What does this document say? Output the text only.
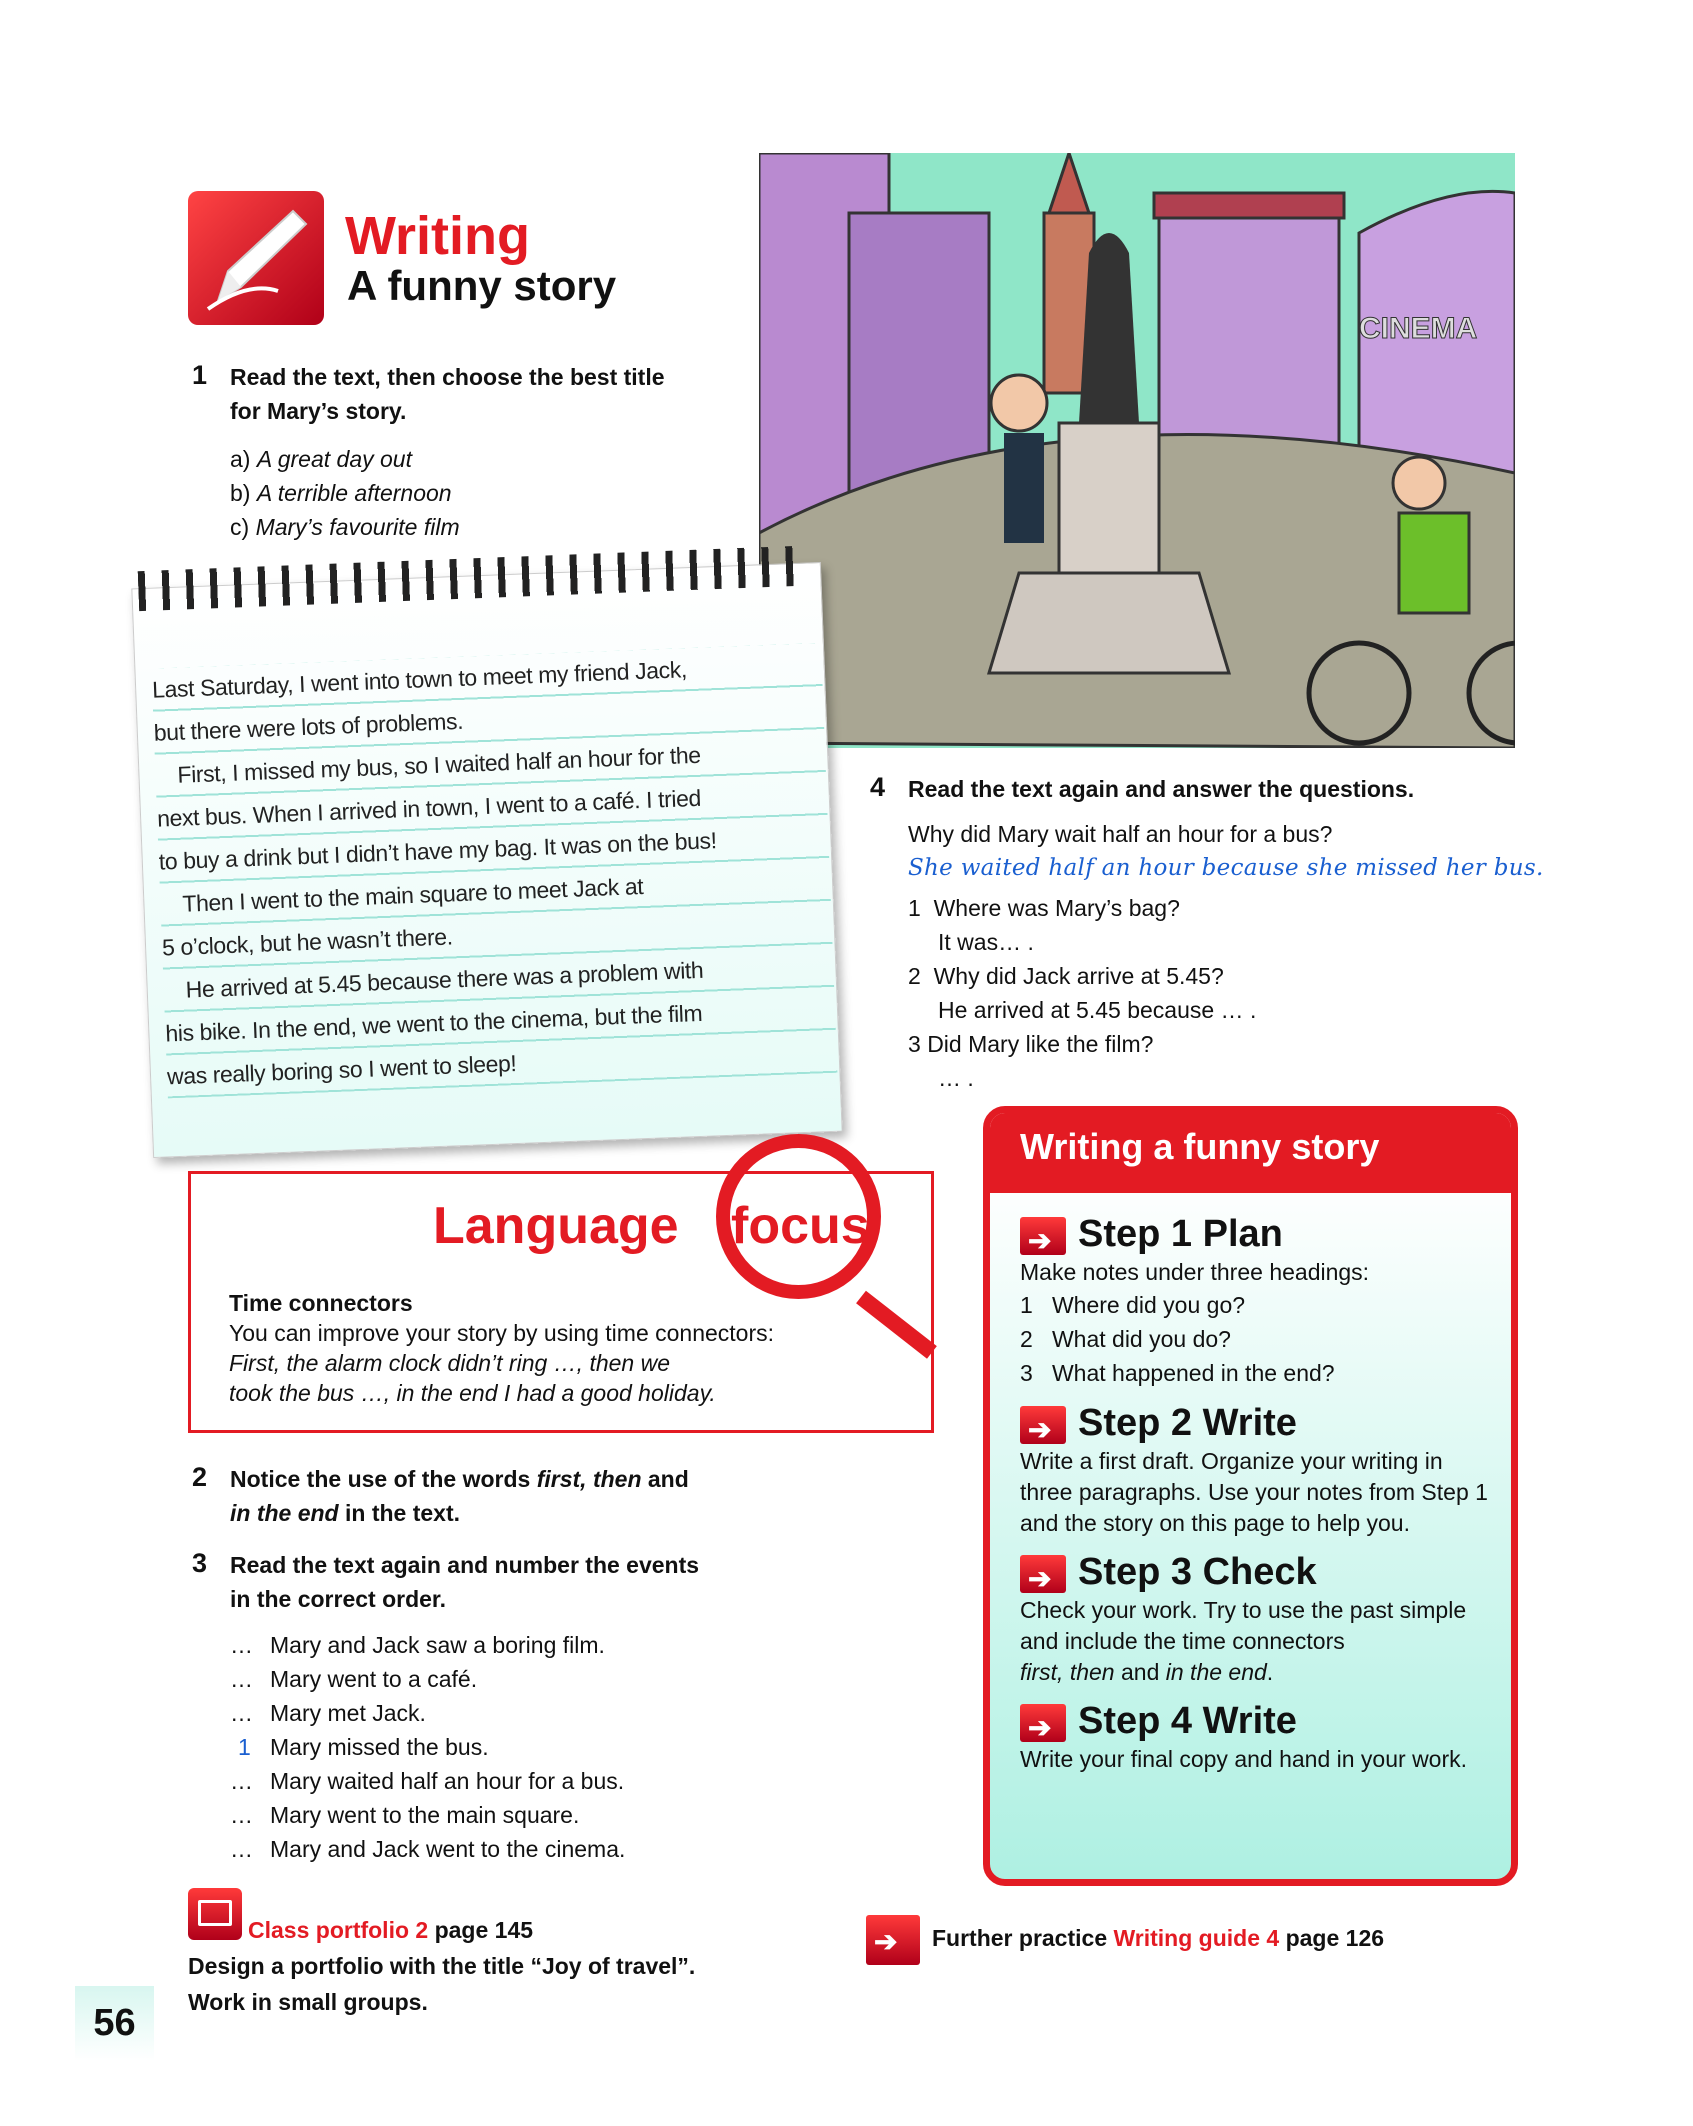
Writing
A funny story
1 Read the text, then choose the best title
for Mary’s story.
a) A great day out
b) A terrible afternoon
c) Mary’s favourite film
CINEMA
Last Saturday, I went into town to meet my friend Jack,
but there were lots of problems.
First, I missed my bus, so I waited half an hour for the
next bus. When I arrived in town, I went to a café. I tried
to buy a drink but I didn’t have my bag. It was on the bus!
Then I went to the main square to meet Jack at
5 o’clock, but he wasn’t there.
He arrived at 5.45 because there was a problem with
his bike. In the end, we went to the cinema, but the film
was really boring so I went to sleep!
Language focus
Time connectors
You can improve your story by using time connectors:
First, the alarm clock didn’t ring …, then we
took the bus …, in the end I had a good holiday.
2 Notice the use of the words first, then and
in the end in the text.
3 Read the text again and number the events
in the correct order.
… Mary and Jack saw a boring film.
… Mary went to a café.
… Mary met Jack.
1 Mary missed the bus.
… Mary waited half an hour for a bus.
… Mary went to the main square.
… Mary and Jack went to the cinema.
Class portfolio 2 page 145
Design a portfolio with the title “Joy of travel”.
Work in small groups.
56
4 Read the text again and answer the questions.
Why did Mary wait half an hour for a bus?
She waited half an hour because she missed her bus.
1 Where was Mary’s bag?
It was… .
2 Why did Jack arrive at 5.45?
He arrived at 5.45 because … .
3 Did Mary like the film?
… .
Writing a funny story
➔Step 1 Plan

Make notes under three headings:

1   Where did you go?

2   What did you do?

3   What happened in the end?

➔Step 2 Write

Write a first draft. Organize your writing in three paragraphs. Use your notes from Step 1 and the story on this page to help you.

➔Step 3 Check

Check your work. Try to use the past simple and include the time connectors
first, then and in the end.

➔Step 4 Write

Write your final copy and hand in your work.

➔Further practice Writing guide 4 page 126
